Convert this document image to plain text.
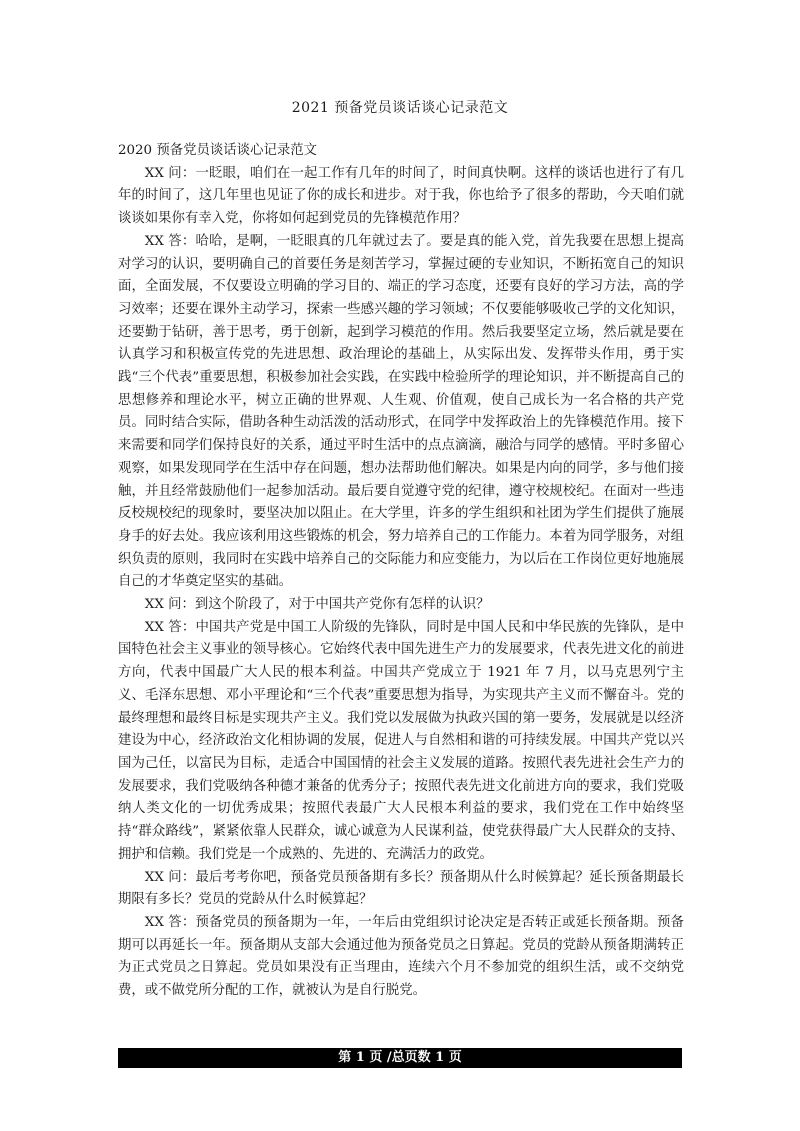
2021 预备党员谈话谈心记录范文

2020 预备党员谈话谈心记录范文

XX 问：一眨眼，咱们在一起工作有几年的时间了，时间真快啊。这样的谈话也进行了有几年的时间了，这几年里也见证了你的成长和进步。对于我，你也给予了很多的帮助，今天咱们就谈谈如果你有幸入党，你将如何起到党员的先锋模范作用？

XX 答：哈哈，是啊，一眨眼真的几年就过去了。要是真的能入党，首先我要在思想上提高对学习的认识，要明确自己的首要任务是刻苦学习，掌握过硬的专业知识，不断拓宽自己的知识面，全面发展，不仅要设立明确的学习目的、端正的学习态度，还要有良好的学习方法，高的学习效率；还要在课外主动学习，探索一些感兴趣的学习领域；不仅要能够吸收己学的文化知识，还要勤于钻研，善于思考，勇于创新，起到学习模范的作用。然后我要坚定立场，然后就是要在认真学习和积极宣传党的先进思想、政治理论的基础上，从实际出发、发挥带头作用，勇于实践“三个代表”重要思想，积极参加社会实践，在实践中检验所学的理论知识，并不断提高自己的思想修养和理论水平，树立正确的世界观、人生观、价值观，使自己成长为一名合格的共产党员。同时结合实际，借助各种生动活泼的活动形式，在同学中发挥政治上的先锋模范作用。接下来需要和同学们保持良好的关系，通过平时生活中的点点滴滴，融洽与同学的感情。平时多留心观察，如果发现同学在生活中存在问题，想办法帮助他们解决。如果是内向的同学，多与他们接触，并且经常鼓励他们一起参加活动。最后要自觉遵守党的纪律，遵守校规校纪。在面对一些违反校规校纪的现象时，要坚决加以阻止。在大学里，许多的学生组织和社团为学生们提供了施展身手的好去处。我应该利用这些锻炼的机会，努力培养自己的工作能力。本着为同学服务，对组织负责的原则，我同时在实践中培养自己的交际能力和应变能力，为以后在工作岗位更好地施展自己的才华奠定坚实的基础。

XX 问：到这个阶段了，对于中国共产党你有怎样的认识？

XX 答：中国共产党是中国工人阶级的先锋队，同时是中国人民和中华民族的先锋队，是中国特色社会主义事业的领导核心。它始终代表中国先进生产力的发展要求，代表先进文化的前进方向，代表中国最广大人民的根本利益。中国共产党成立于 1921 年 7 月，以马克思列宁主义、毛泽东思想、邓小平理论和“三个代表”重要思想为指导，为实现共产主义而不懈奋斗。党的最终理想和最终目标是实现共产主义。我们党以发展做为执政兴国的第一要务，发展就是以经济建设为中心，经济政治文化相协调的发展，促进人与自然相和谐的可持续发展。中国共产党以兴国为己任，以富民为目标，走适合中国国情的社会主义发展的道路。按照代表先进社会生产力的发展要求，我们党吸纳各种德才兼备的优秀分子；按照代表先进文化前进方向的要求，我们党吸纳人类文化的一切优秀成果；按照代表最广大人民根本利益的要求，我们党在工作中始终坚持“群众路线”，紧紧依靠人民群众，诚心诚意为人民谋利益，使党获得最广大人民群众的支持、拥护和信赖。我们党是一个成熟的、先进的、充满活力的政党。

XX 问：最后考考你吧，预备党员预备期有多长？预备期从什么时候算起？延长预备期最长期限有多长？党员的党龄从什么时候算起？

XX 答：预备党员的预备期为一年，一年后由党组织讨论决定是否转正或延长预备期。预备期可以再延长一年。预备期从支部大会通过他为预备党员之日算起。党员的党龄从预备期满转正为正式党员之日算起。党员如果没有正当理由，连续六个月不参加党的组织生活，或不交纳党费，或不做党所分配的工作，就被认为是自行脱党。

第 1 页 /总页数 1 页
